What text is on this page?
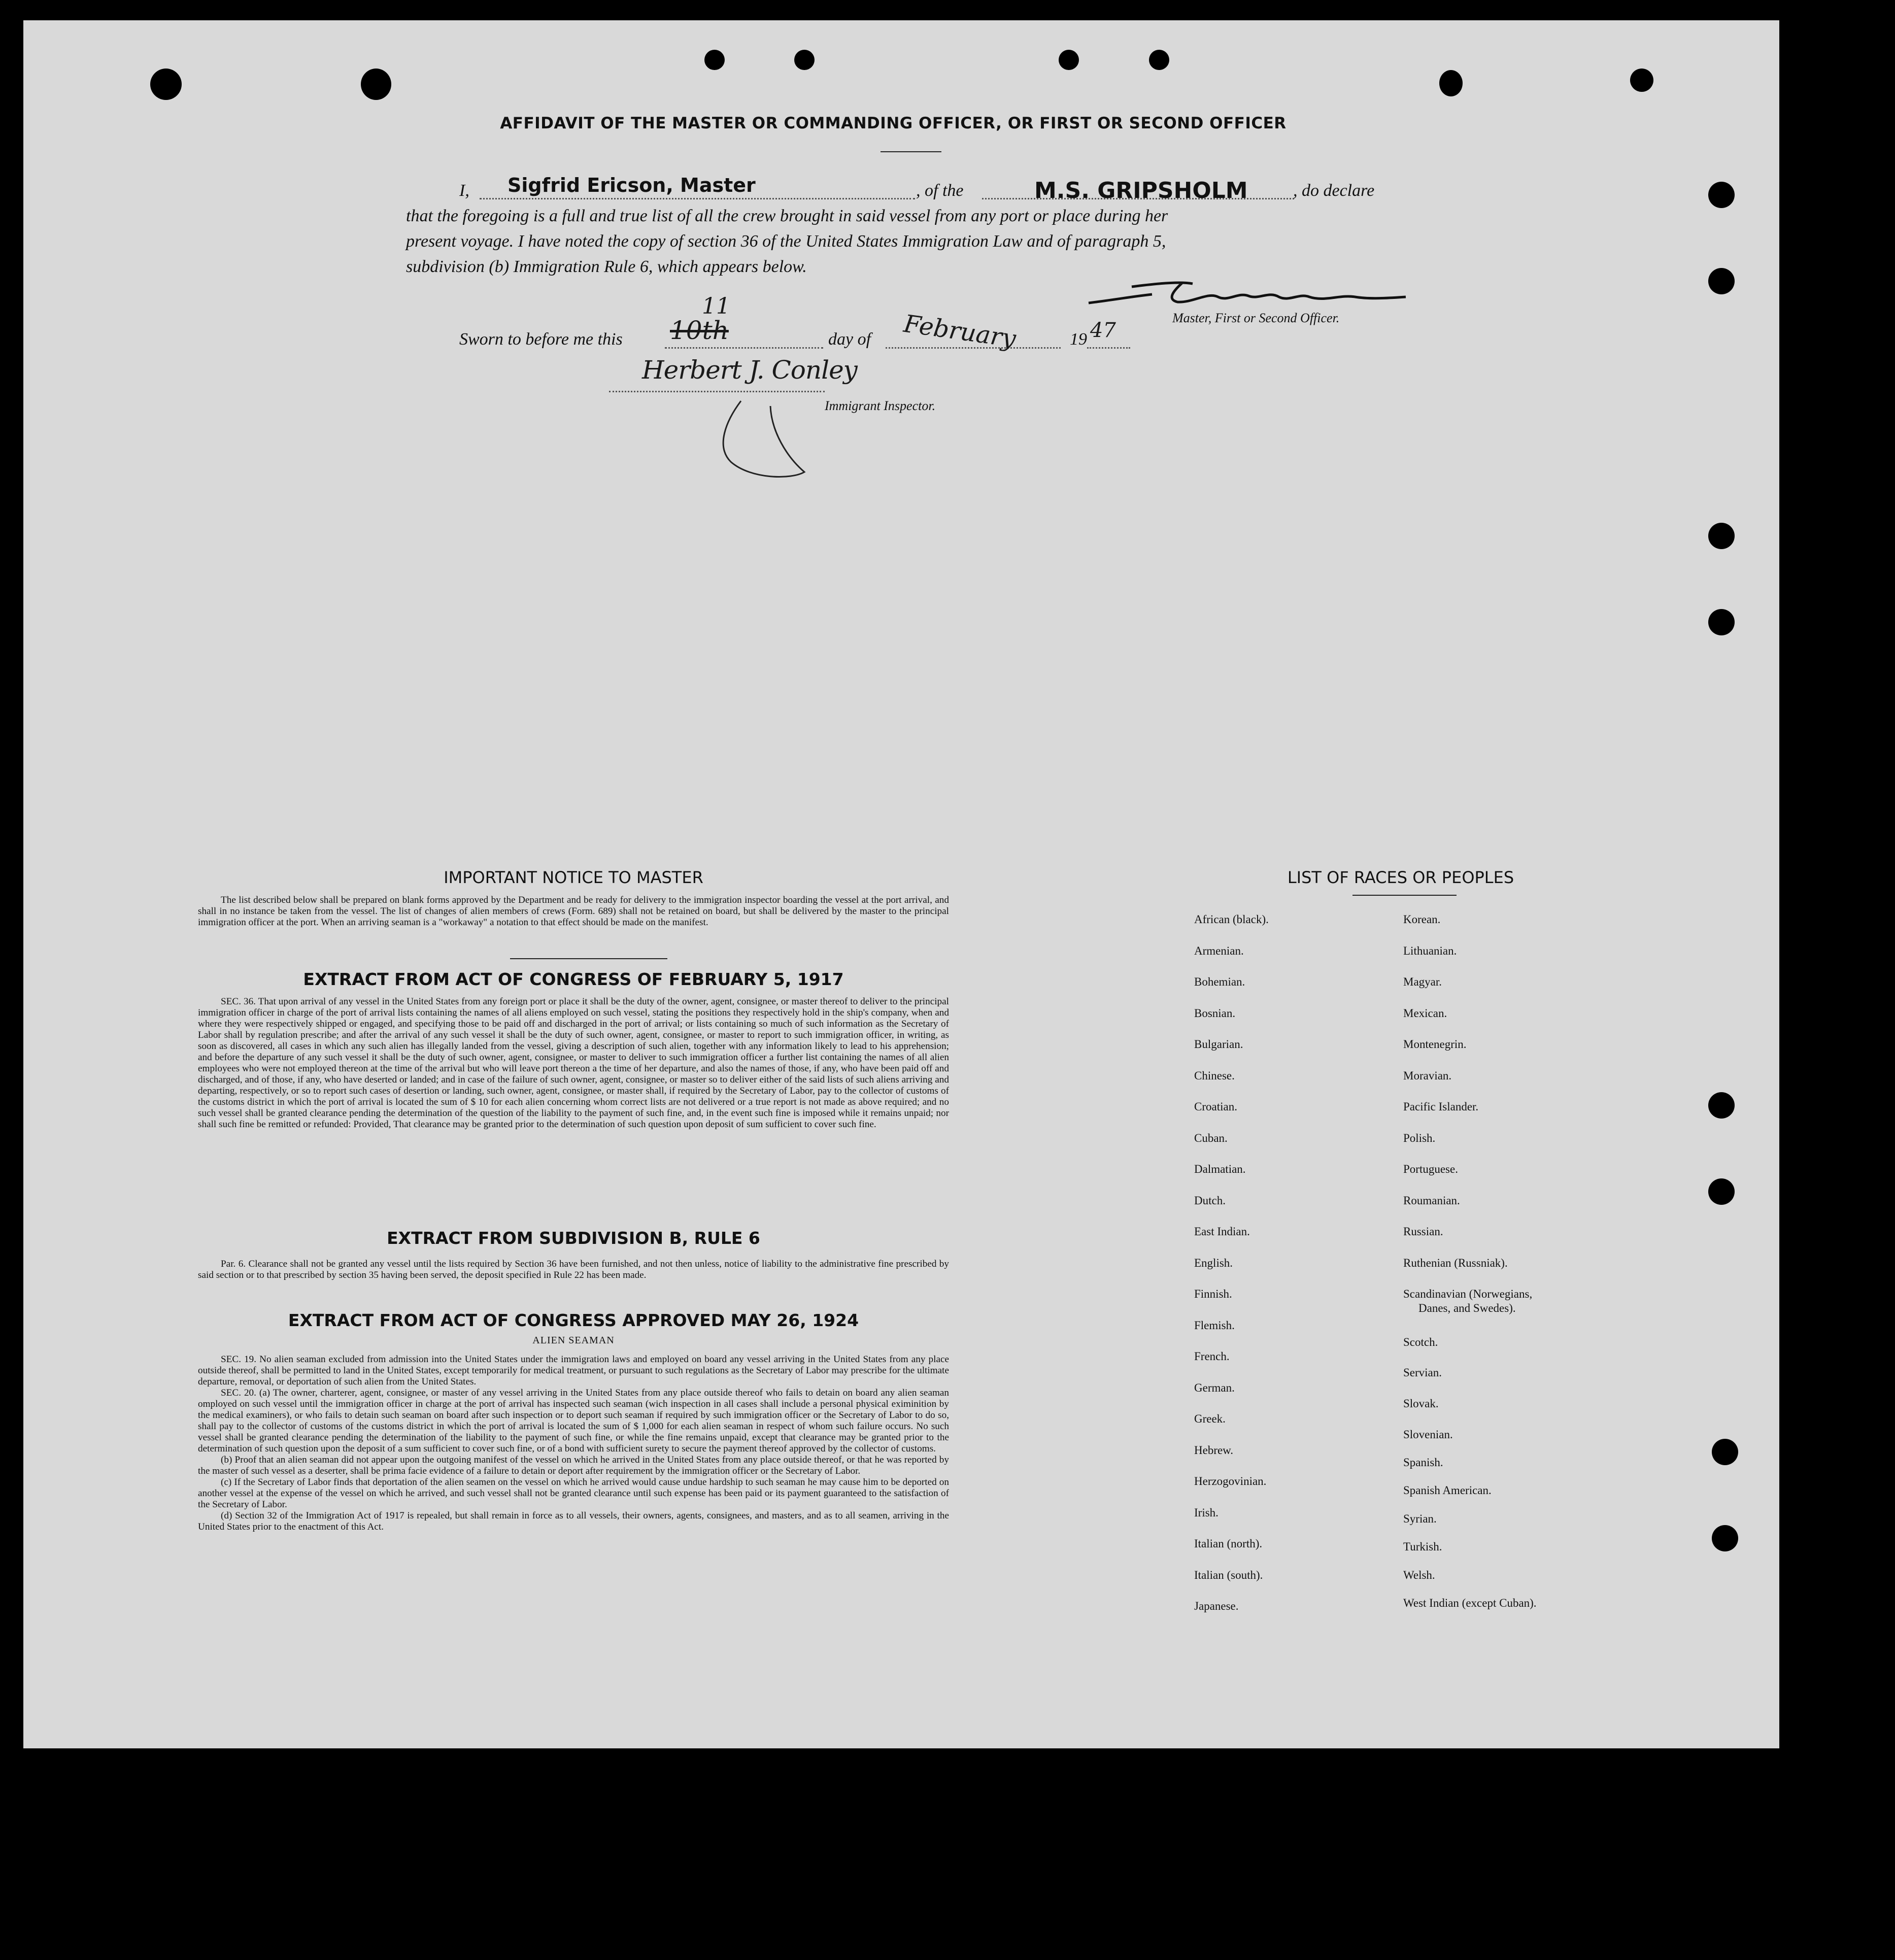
AFFIDAVIT OF THE MASTER OR COMMANDING OFFICER, OR FIRST OR SECOND OFFICER
I, Sigfrid Ericson, Master	, of the	M.S. GRIPSHOLM	, do declare
that the foregoing is a full and true list of all the crew brought in said vessel from any port or place during her
present voyage. I have noted the copy of section 36 of the United States Immigration Law and of paragraph 5,
subdivision (b) Immigration Rule 6, which appears below.
Master, First or Second Officer.
Sworn to before me this 10th
11
day of February	19 47
Herbert J. Conley
Immigrant Inspector.
IMPORTANT NOTICE TO MASTER
The list described below shall be prepared on blank forms approved by the Department and be ready for delivery to the immigration inspector boarding the vessel at the port arrival, and shall in no instance be taken from the vessel. The list of changes of alien members of crews (Form. 689) shall not be retained on board, but shall be delivered by the master to the principal immigration officer at the port. When an arriving seaman is a "workaway" a notation to that effect should be made on the manifest.
EXTRACT FROM ACT OF CONGRESS OF FEBRUARY 5, 1917
SEC. 36. That upon arrival of any vessel in the United States from any foreign port or place it shall be the duty of the owner, agent, consignee, or master thereof to deliver to the principal immigration officer in charge of the port of arrival lists containing the names of all aliens employed on such vessel, stating the positions they respectively hold in the ship's company, when and where they were respectively shipped or engaged, and specifying those to be paid off and discharged in the port of arrival; or lists containing so much of such information as the Secretary of Labor shall by regulation prescribe; and after the arrival of any such vessel it shall be the duty of such owner, agent, consignee, or master to report to such immigration officer, in writing, as soon as discovered, all cases in which any such alien has illegally landed from the vessel, giving a description of such alien, together with any information likely to lead to his apprehension; and before the departure of any such vessel it shall be the duty of such owner, agent, consignee, or master to deliver to such immigration officer a further list containing the names of all alien employees who were not employed thereon at the time of the arrival but who will leave port thereon a the time of her departure, and also the names of those, if any, who have been paid off and discharged, and of those, if any, who have deserted or landed; and in case of the failure of such owner, agent, consignee, or master so to deliver either of the said lists of such aliens arriving and departing, respectively, or so to report such cases of desertion or landing, such owner, agent, consignee, or master shall, if required by the Secretary of Labor, pay to the collector of customs of the customs district in which the port of arrival is located the sum of $ 10 for each alien concerning whom correct lists are not delivered or a true report is not made as above required; and no such vessel shall be granted clearance pending the determination of the question of the liability to the payment of such fine, and, in the event such fine is imposed while it remains unpaid; nor shall such fine be remitted or refunded: Provided, That clearance may be granted prior to the determination of such question upon deposit of sum sufficient to cover such fine.
EXTRACT FROM SUBDIVISION B, RULE 6
Par. 6. Clearance shall not be granted any vessel until the lists required by Section 36 have been furnished, and not then unless, notice of liability to the administrative fine prescribed by said section or to that prescribed by section 35 having been served, the deposit specified in Rule 22 has been made.
EXTRACT FROM ACT OF CONGRESS APPROVED MAY 26, 1924
ALIEN SEAMAN
SEC. 19. No alien seaman excluded from admission into the United States under the immigration laws and employed on board any vessel arriving in the United States from any place outside thereof, shall be permitted to land in the United States, except temporarily for medical treatment, or pursuant to such regulations as the Secretary of Labor may prescribe for the ultimate departure, removal, or deportation of such alien from the United States.
SEC. 20. (a) The owner, charterer, agent, consignee, or master of any vessel arriving in the United States from any place outside thereof who fails to detain on board any alien seaman omployed on such vessel until the immigration officer in charge at the port of arrival has inspected such seaman (wich inspection in all cases shall include a personal physical eximinition by the medical examiners), or who fails to detain such seaman on board after such inspection or to deport such seaman if required by such immigration officer or the Secretary of Labor to do so, shall pay to the collector of customs of the customs district in which the port of arrival is located the sum of $ 1,000 for each alien seaman in respect of whom such failure occurs. No such vessel shall be granted clearance pending the determination of the liability to the payment of such fine, or while the fine remains unpaid, except that clearance may be granted prior to the determination of such question upon the deposit of a sum sufficient to cover such fine, or of a bond with sufficient surety to secure the payment thereof approved by the collector of customs.
(b) Proof that an alien seaman did not appear upon the outgoing manifest of the vessel on which he arrived in the United States from any place outside thereof, or that he was reported by the master of such vessel as a deserter, shall be prima facie evidence of a failure to detain or deport after requirement by the immigration officer or the Secretary of Labor.
(c) If the Secretary of Labor finds that deportation of the alien seamen on the vessel on which he arrived would cause undue hardship to such seaman he may cause him to be deported on another vessel at the expense of the vessel on which he arrived, and such vessel shall not be granted clearance until such expense has been paid or its payment guaranteed to the satisfaction of the Secretary of Labor.
(d) Section 32 of the Immigration Act of 1917 is repealed, but shall remain in force as to all vessels, their owners, agents, consignees, and masters, and as to all seamen, arriving in the United States prior to the enactment of this Act.
LIST OF RACES OR PEOPLES
African (black).
Armenian.
Bohemian.
Bosnian.
Bulgarian.
Chinese.
Croatian.
Cuban.
Dalmatian.
Dutch.
East Indian.
English.
Finnish.
Flemish.
French.
German.
Greek.
Hebrew.
Herzogovinian.
Irish.
Italian (north).
Italian (south).
Japanese.
Korean.
Lithuanian.
Magyar.
Mexican.
Montenegrin.
Moravian.
Pacific Islander.
Polish.
Portuguese.
Roumanian.
Russian.
Ruthenian (Russniak).
Scandinavian (Norwegians,
Danes, and Swedes).
Scotch.
Servian.
Slovak.
Slovenian.
Spanish.
Spanish American.
Syrian.
Turkish.
Welsh.
West Indian (except Cuban).
